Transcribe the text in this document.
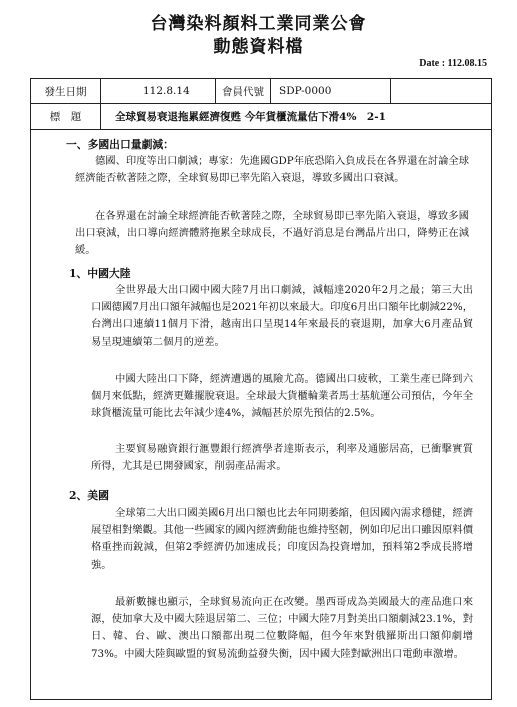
台灣染料顏料工業同業公會
動態資料檔
Date : 112.08.15
發生日期	112.8.14	會員代號	SDP-0000
標　題	全球貿易衰退拖累經濟復甦 今年貨櫃流量估下滑4%　2-1
一、多國出口量劇減：
德國、印度等出口劇減；專家：先進國GDP年底恐陷入負成長在各界還在討論全球經濟能否軟著陸之際，全球貿易即已率先陷入衰退，導致多國出口衰減。
在各界還在討論全球經濟能否軟著陸之際，全球貿易即已率先陷入衰退，導致多國出口衰減，出口導向經濟體將拖累全球成長，不過好消息是台灣晶片出口，降勢正在減緩。
1、中國大陸
全世界最大出口國中國大陸7月出口劇減，減幅達2020年2月之最；第三大出口國德國7月出口額年減幅也是2021年初以來最大。印度6月出口額年比劇減22%，台灣出口連續11個月下滑，越南出口呈現14年來最長的衰退期，加拿大6月產品貿易呈現連續第二個月的逆差。
中國大陸出口下降，經濟遭遇的風險尤高。德國出口疲軟，工業生產已降到六個月來低點，經濟更難擺脫衰退。全球最大貨櫃輪業者馬士基航運公司預估，今年全球貨櫃流量可能比去年減少達4%，減幅甚於原先預估的2.5%。
主要貿易融資銀行滙豐銀行經濟學者達斯表示，利率及通膨居高，已衝擊實質所得，尤其是已開發國家，削弱產品需求。
2、美國
全球第二大出口國美國6月出口額也比去年同期萎縮，但因國內需求穩健，經濟展望相對樂觀。其他一些國家的國內經濟動能也維持堅韌，例如印尼出口雖因原料價格重挫而銳減，但第2季經濟仍加速成長；印度因為投資增加，預料第2季成長將增強。
最新數據也顯示，全球貿易流向正在改變。墨西哥成為美國最大的產品進口來源，使加拿大及中國大陸退居第二、三位；中國大陸7月對美出口額劇減23.1%，對日、韓、台、歐、澳出口額都出現二位數降幅，但今年來對俄羅斯出口額仰劇增73%。中國大陸與歐盟的貿易流動益發失衡，因中國大陸對歐洲出口電動車激增。
